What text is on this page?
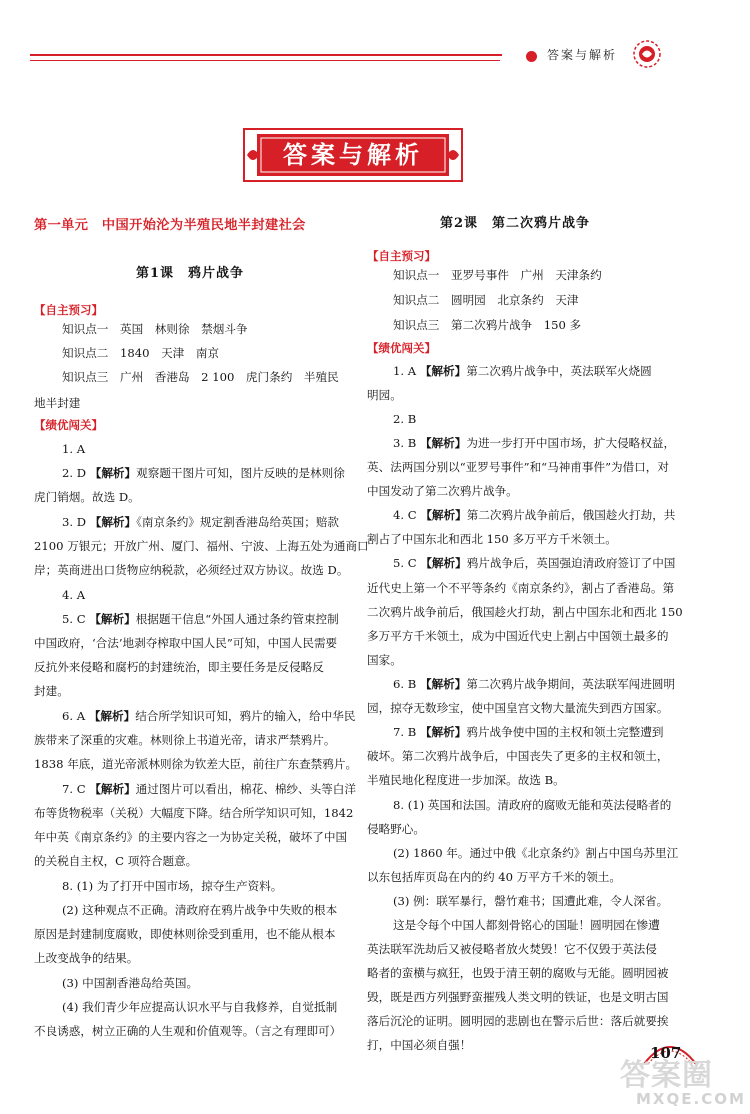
答案与解析
答案与解析
第一单元　中国开始沦为半殖民地半封建社会
第1课　鸦片战争
【自主预习】
知识点一　英国　林则徐　禁烟斗争
知识点二　1840　天津　南京
知识点三　广州　香港岛　2 100　虎门条约　半殖民
地半封建
【绩优闯关】
1. A
2. D 【解析】观察题干图片可知，图片反映的是林则徐
虎门销烟。故选 D。
3. D 【解析】《南京条约》规定割香港岛给英国；赔款
2100 万银元；开放广州、厦门、福州、宁波、上海五处为通商口
岸；英商进出口货物应纳税款，必须经过双方协议。故选 D。
4. A
5. C 【解析】根据题干信息“外国人通过条约管束控制
中国政府，‘合法’地剥夺榨取中国人民”可知，中国人民需要
反抗外来侵略和腐朽的封建统治，即主要任务是反侵略反
封建。
6. A 【解析】结合所学知识可知，鸦片的输入，给中华民
族带来了深重的灾难。林则徐上书道光帝，请求严禁鸦片。
1838 年底，道光帝派林则徐为钦差大臣，前往广东查禁鸦片。
7. C 【解析】通过图片可以看出，棉花、棉纱、头等白洋
布等货物税率（关税）大幅度下降。结合所学知识可知，1842
年中英《南京条约》的主要内容之一为协定关税，破坏了中国
的关税自主权，C 项符合题意。
8. (1) 为了打开中国市场，掠夺生产资料。
(2) 这种观点不正确。清政府在鸦片战争中失败的根本
原因是封建制度腐败，即使林则徐受到重用，也不能从根本
上改变战争的结果。
(3) 中国割香港岛给英国。
(4) 我们青少年应提高认识水平与自我修养，自觉抵制
不良诱惑，树立正确的人生观和价值观等。（言之有理即可）
第2课　第二次鸦片战争
【自主预习】
知识点一　亚罗号事件　广州　天津条约
知识点二　圆明园　北京条约　天津
知识点三　第二次鸦片战争　150 多
【绩优闯关】
1. A 【解析】第二次鸦片战争中，英法联军火烧圆
明园。
2. B
3. B 【解析】为进一步打开中国市场，扩大侵略权益，
英、法两国分别以“亚罗号事件”和“马神甫事件”为借口，对
中国发动了第二次鸦片战争。
4. C 【解析】第二次鸦片战争前后，俄国趁火打劫，共
割占了中国东北和西北 150 多万平方千米领土。
5. C 【解析】鸦片战争后，英国强迫清政府签订了中国
近代史上第一个不平等条约《南京条约》，割占了香港岛。第
二次鸦片战争前后，俄国趁火打劫，割占中国东北和西北 150
多万平方千米领土，成为中国近代史上割占中国领土最多的
国家。
6. B 【解析】第二次鸦片战争期间，英法联军闯进圆明
园，掠夺无数珍宝，使中国皇宫文物大量流失到西方国家。
7. B 【解析】鸦片战争使中国的主权和领土完整遭到
破坏。第二次鸦片战争后，中国丧失了更多的主权和领土，
半殖民地化程度进一步加深。故选 B。
8. (1) 英国和法国。清政府的腐败无能和英法侵略者的
侵略野心。
(2) 1860 年。通过中俄《北京条约》割占中国乌苏里江
以东包括库页岛在内的约 40 万平方千米的领土。
(3) 例：联军暴行，罄竹难书；国遭此难，令人深省。
这是令每个中国人都刻骨铭心的国耻！圆明园在惨遭
英法联军洗劫后又被侵略者放火焚毁！它不仅毁于英法侵
略者的蛮横与疯狂，也毁于清王朝的腐败与无能。圆明园被
毁，既是西方列强野蛮摧残人类文明的铁证，也是文明古国
落后沉沦的证明。圆明园的悲剧也在警示后世：落后就要挨
打，中国必须自强！	107
答案圈
MXQE.COM
